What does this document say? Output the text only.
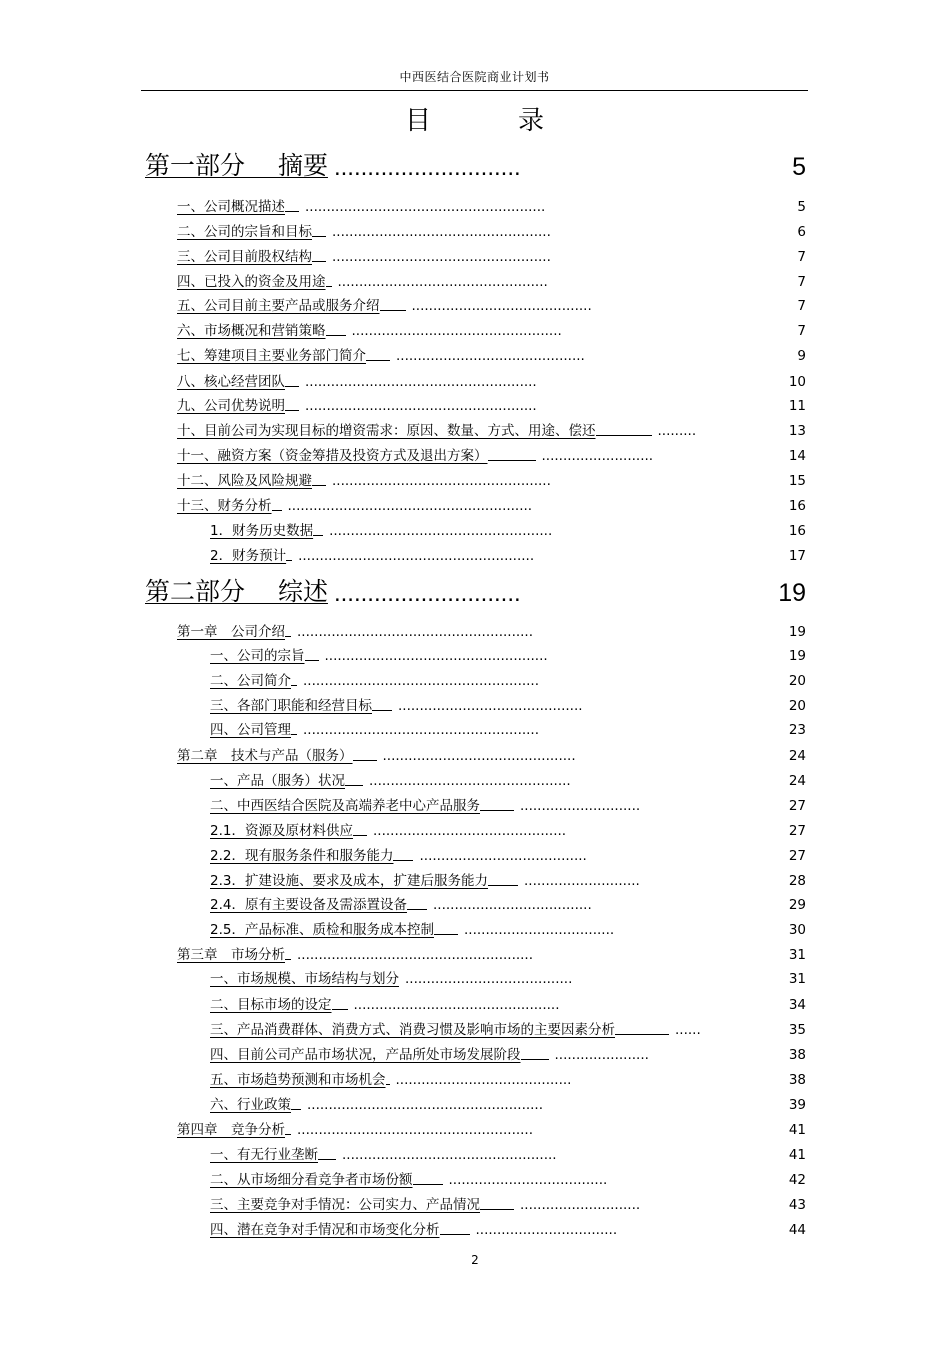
中西医结合医院商业计划书
目	录
第一部分　 摘要 ............................	5
一、公司概况描述 ........................................................	5
二、公司的宗旨和目标 ...................................................	6
三、公司目前股权结构 ...................................................	7
四、已投入的资金及用途 .................................................	7
五、公司目前主要产品或服务介绍 ..........................................	7
六、市场概况和营销策略 .................................................	7
七、筹建项目主要业务部门简介 ............................................	9
八、核心经营团队 ......................................................	10
九、公司优势说明 ......................................................	11
十、目前公司为实现目标的增资需求：原因、数量、方式、用途、偿还	.........	13
十一、融资方案（资金筹措及投资方式及退出方案）	..........................	14
十二、风险及风险规避 ...................................................	15
十三、财务分析 .........................................................	16
1．财务历史数据 ....................................................	16
2．财务预计 .......................................................	17
第二部分　 综述 ............................	19
第一章　公司介绍 .......................................................	19
一、公司的宗旨 ....................................................	19
二、公司简介 .......................................................	20
三、各部门职能和经营目标 ...........................................	20
四、公司管理 .......................................................	23
第二章　技术与产品（服务） .............................................	24
一、产品（服务）状况 ...............................................	24
二、中西医结合医院及高端养老中心产品服务	............................	27
2.1．资源及原材料供应 .............................................	27
2.2．现有服务条件和服务能力 .......................................	27
2.3．扩建设施、要求及成本，扩建后服务能力	...........................	28
2.4．原有主要设备及需添置设备 .....................................	29
2.5．产品标准、质检和服务成本控制 ...................................	30
第三章　市场分析 .......................................................	31
一、市场规模、市场结构与划分 .......................................	31
二、目标市场的设定 ................................................	34
三、产品消费群体、消费方式、消费习惯及影响市场的主要因素分析	......	35
四、目前公司产品市场状况，产品所处市场发展阶段	......................	38
五、市场趋势预测和市场机会 .........................................	38
六、行业政策 .......................................................	39
第四章　竞争分析 .......................................................	41
一、有无行业垄断 ..................................................	41
二、从市场细分看竞争者市场份额	.....................................	42
三、主要竞争对手情况：公司实力、产品情况	............................	43
四、潜在竞争对手情况和市场变化分析	.................................	44
2
